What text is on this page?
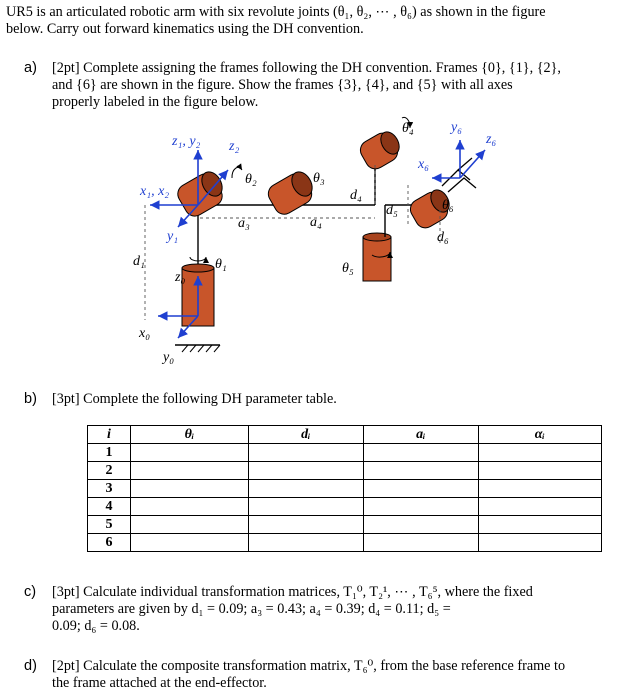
UR5 is an articulated robotic arm with six revolute joints (θ₁, θ₂, ⋯ , θ₆) as shown in the figure
below. Carry out forward kinematics using the DH convention.
a) [2pt] Complete assigning the frames following the DH convention. Frames {0}, {1}, {2},
and {6} are shown in the figure. Show the frames {3}, {4}, and {5} with all axes
properly labeled in the figure below.
θ₄	y₆
z₆
z₁, y₂ z₂
x₆
θ₂	θ₃
x₁, x₂	d₄
d₅	θ₆
a₃	a₄
y₁	d₆
d₁	θ₁	θ₅
z₀
x₀
y₀
b) [3pt] Complete the following DH parameter table.
i	θᵢ	dᵢ	aᵢ	αᵢ
1				
2				
3				
4				
5				
6				
c) [3pt] Calculate individual transformation matrices, T₁⁰, T₂¹, ⋯ , T₆⁵, where the fixed
parameters are given by d₁ = 0.09; a₃ = 0.43; a₄ = 0.39; d₄ = 0.11; d₅ =
0.09; d₆ = 0.08.
d) [2pt] Calculate the composite transformation matrix, T₆⁰, from the base reference frame to
the frame attached at the end-effector.
